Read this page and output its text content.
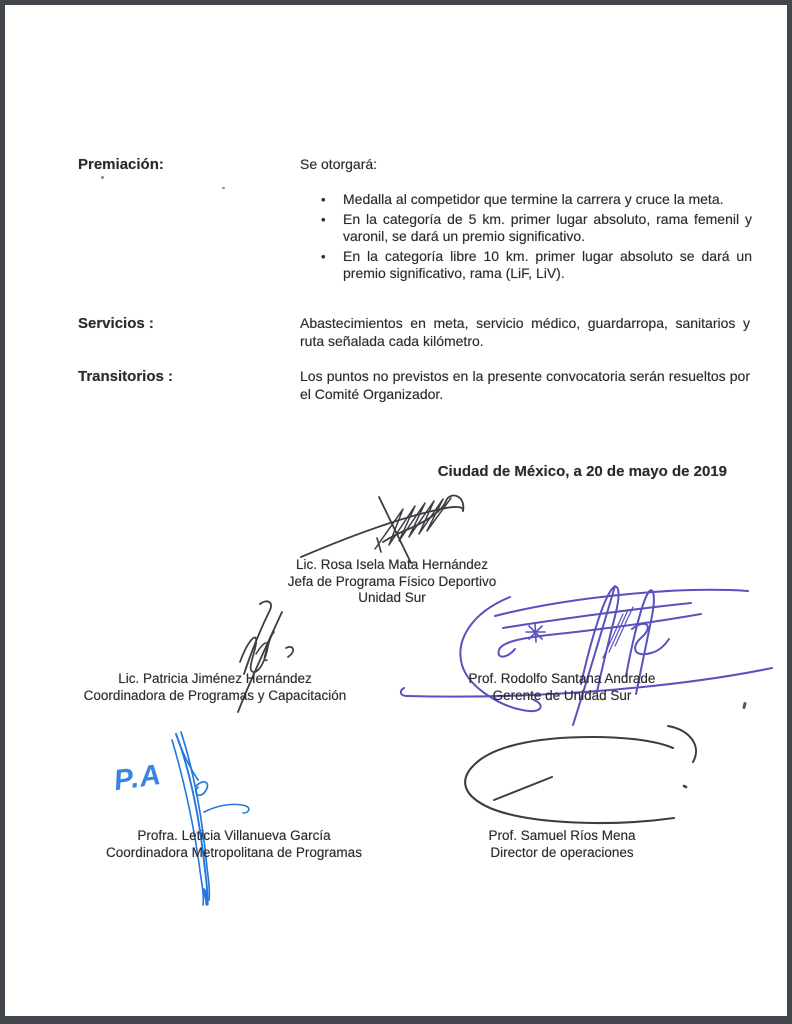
Premiación:	Se otorgará:
•	Medalla al competidor que termine la carrera y cruce la meta.
•	En la categoría de 5 km. primer lugar absoluto, rama femenil y varonil, se dará un premio significativo.
•	En la categoría libre 10 km. primer lugar absoluto se dará un premio significativo, rama (LiF, LiV).
Servicios :	Abastecimientos en meta, servicio médico, guardarropa, sanitarios y ruta señalada cada kilómetro.
Transitorios :	Los puntos no previstos en la presente convocatoria serán resueltos por el Comité Organizador.
Ciudad de México, a 20 de mayo de 2019
Lic. Rosa Isela Mata Hernández
Jefa de Programa Físico Deportivo
Unidad Sur
Lic. Patricia Jiménez Hernández
Coordinadora de Programas y Capacitación
Prof. Rodolfo Santana Andrade
Gerente de Unidad Sur
P.A
Profra. Leticia Villanueva García
Coordinadora Metropolitana de Programas
Prof. Samuel Ríos Mena
Director de operaciones
